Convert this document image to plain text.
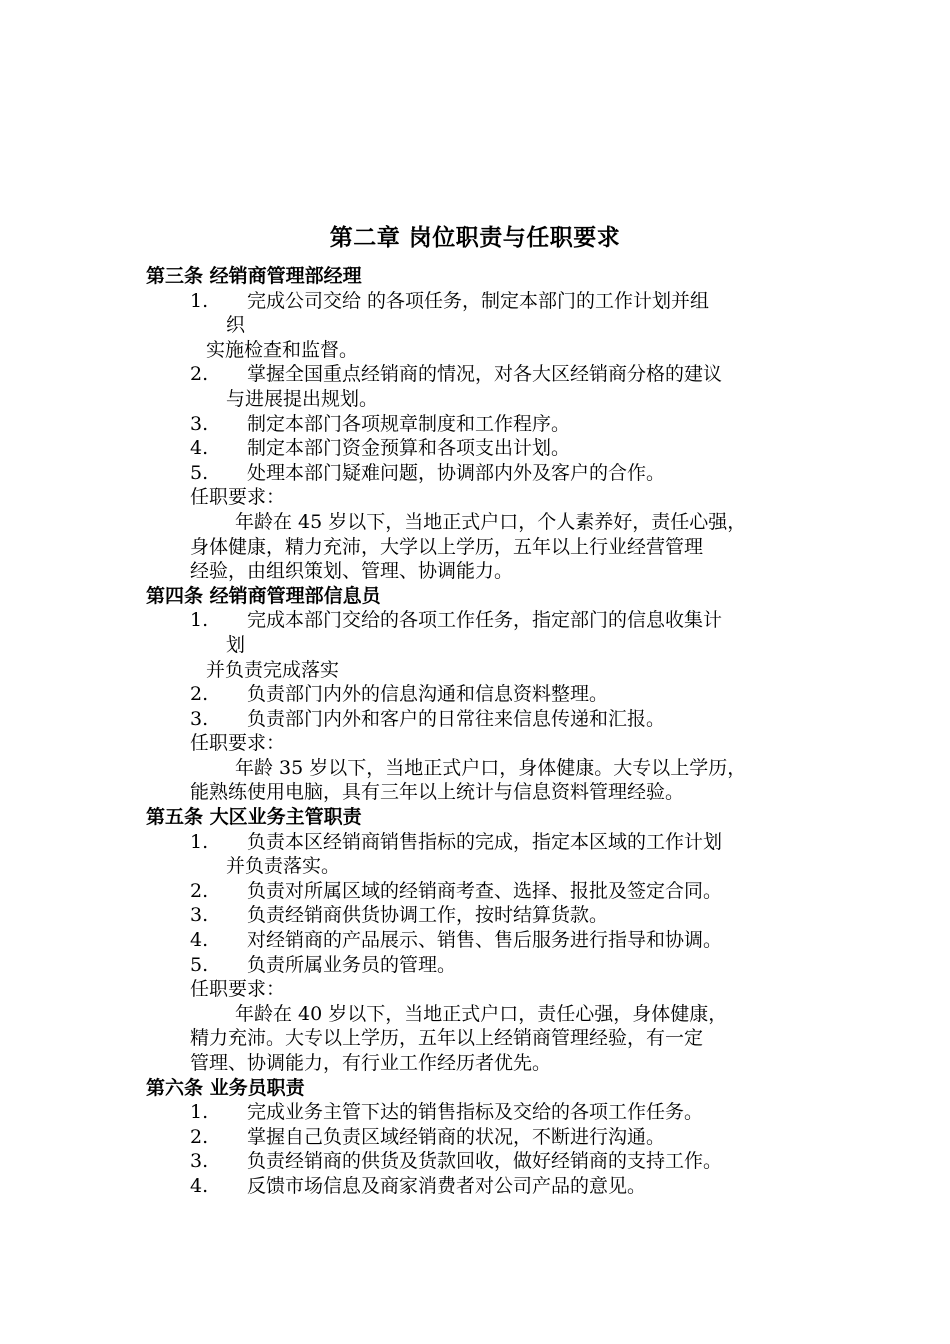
第二章 岗位职责与任职要求
第三条 经销商管理部经理
1. 完成公司交给 的各项任务，制定本部门的工作计划并组
织
实施检查和监督。
2. 掌握全国重点经销商的情况，对各大区经销商分格的建议
与进展提出规划。
3. 制定本部门各项规章制度和工作程序。
4. 制定本部门资金预算和各项支出计划。
5. 处理本部门疑难问题，协调部内外及客户的合作。
任职要求：
年龄在 45 岁以下，当地正式户口，个人素养好，责任心强，
身体健康，精力充沛，大学以上学历，五年以上行业经营管理
经验，由组织策划、管理、协调能力。
第四条 经销商管理部信息员
1. 完成本部门交给的各项工作任务，指定部门的信息收集计
划
并负责完成落实
2. 负责部门内外的信息沟通和信息资料整理。
3. 负责部门内外和客户的日常往来信息传递和汇报。
任职要求：
年龄 35 岁以下，当地正式户口，身体健康。大专以上学历，
能熟练使用电脑，具有三年以上统计与信息资料管理经验。
第五条 大区业务主管职责
1. 负责本区经销商销售指标的完成，指定本区域的工作计划
并负责落实。
2. 负责对所属区域的经销商考查、选择、报批及签定合同。
3. 负责经销商供货协调工作，按时结算货款。
4. 对经销商的产品展示、销售、售后服务进行指导和协调。
5. 负责所属业务员的管理。
任职要求：
年龄在 40 岁以下，当地正式户口，责任心强，身体健康，
精力充沛。大专以上学历，五年以上经销商管理经验，有一定
管理、协调能力，有行业工作经历者优先。
第六条 业务员职责
1. 完成业务主管下达的销售指标及交给的各项工作任务。
2. 掌握自己负责区域经销商的状况，不断进行沟通。
3. 负责经销商的供货及货款回收，做好经销商的支持工作。
4. 反馈市场信息及商家消费者对公司产品的意见。
